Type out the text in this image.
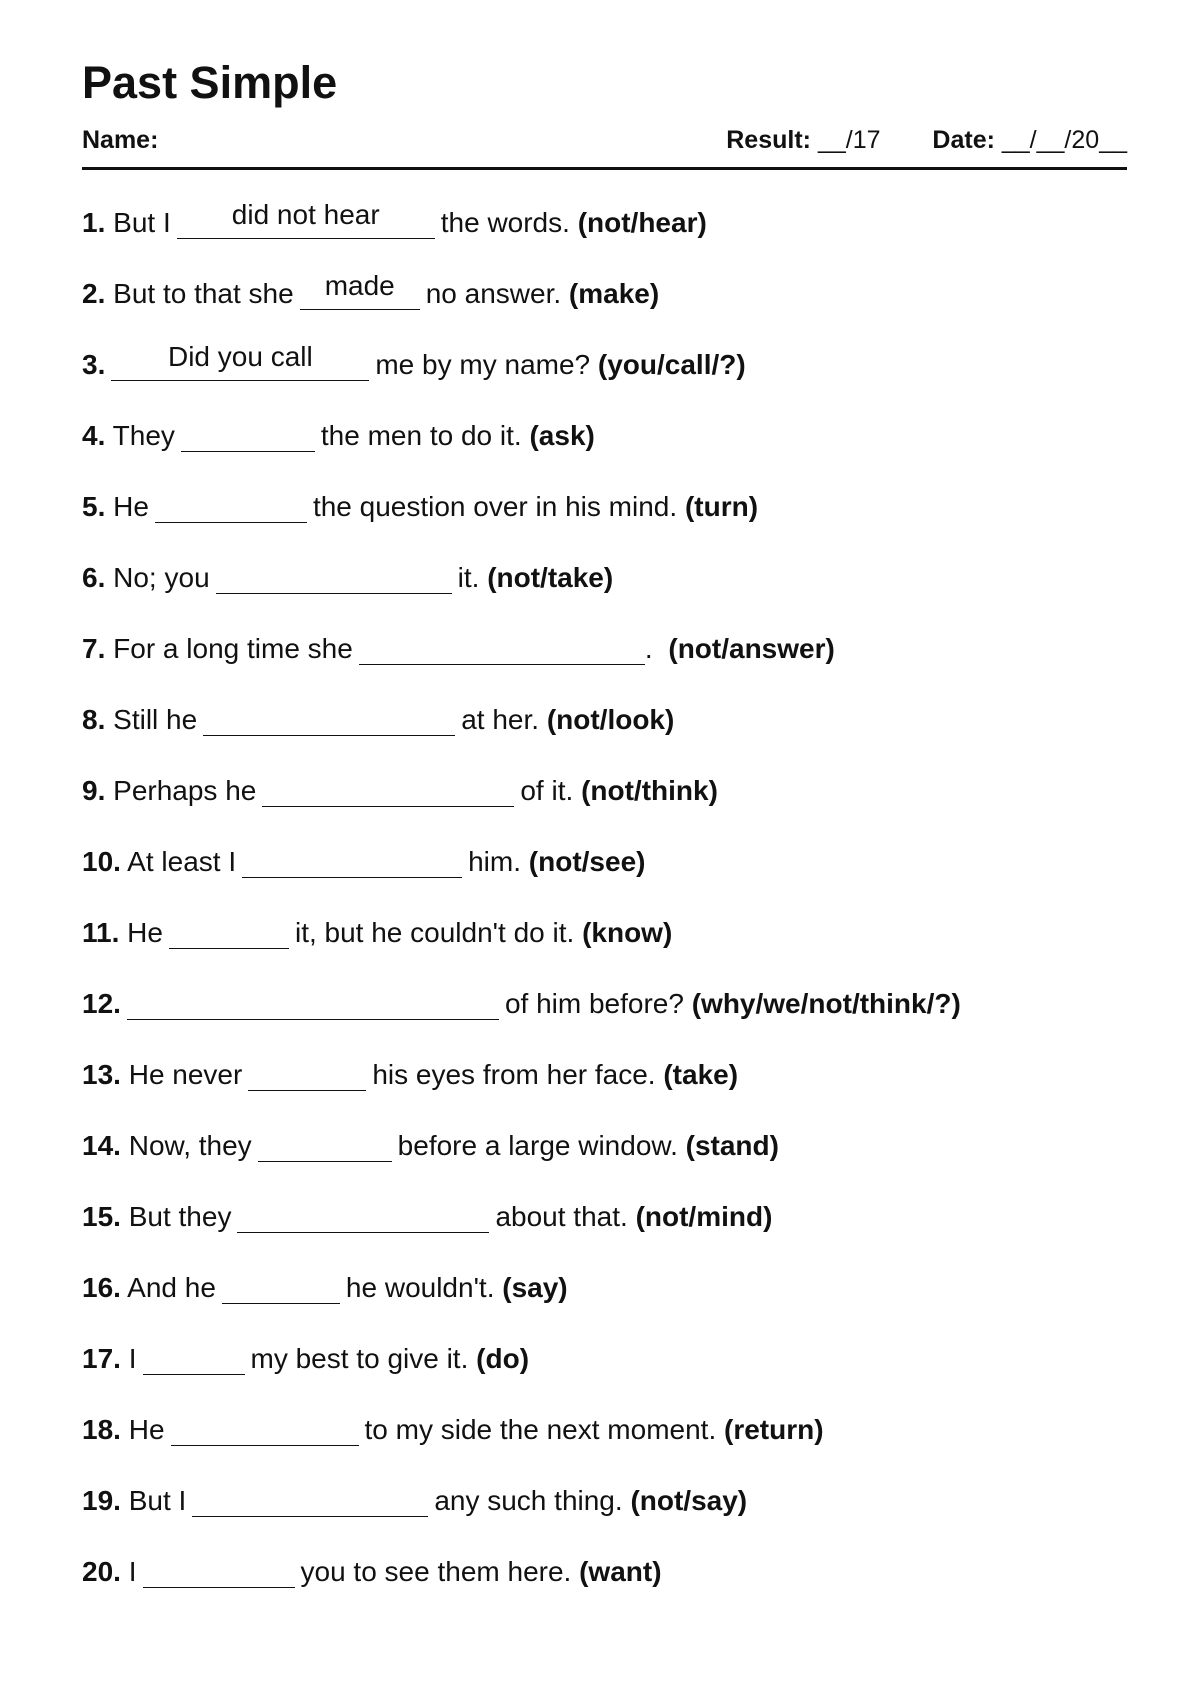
Past Simple
Name:	Result: __/17 Date: __/__/20__
1. But I	did not hear	the words. (not/hear)
2. But to that she	made	no answer. (make)
3.	Did you call	me by my name? (you/call/?)
4. They	the men to do it. (ask)
5. He	the question over in his mind. (turn)
6. No; you	it. (not/take)
7. For a long time she	. (not/answer)
8. Still he	at her. (not/look)
9. Perhaps he	of it. (not/think)
10. At least I	him. (not/see)
11. He	it, but he couldn't do it. (know)
12.	of him before? (why/we/not/think/?)
13. He never	his eyes from her face. (take)
14. Now, they	before a large window. (stand)
15. But they	about that. (not/mind)
16. And he	he wouldn't. (say)
17. I	my best to give it. (do)
18. He	to my side the next moment. (return)
19. But I	any such thing. (not/say)
20. I	you to see them here. (want)
